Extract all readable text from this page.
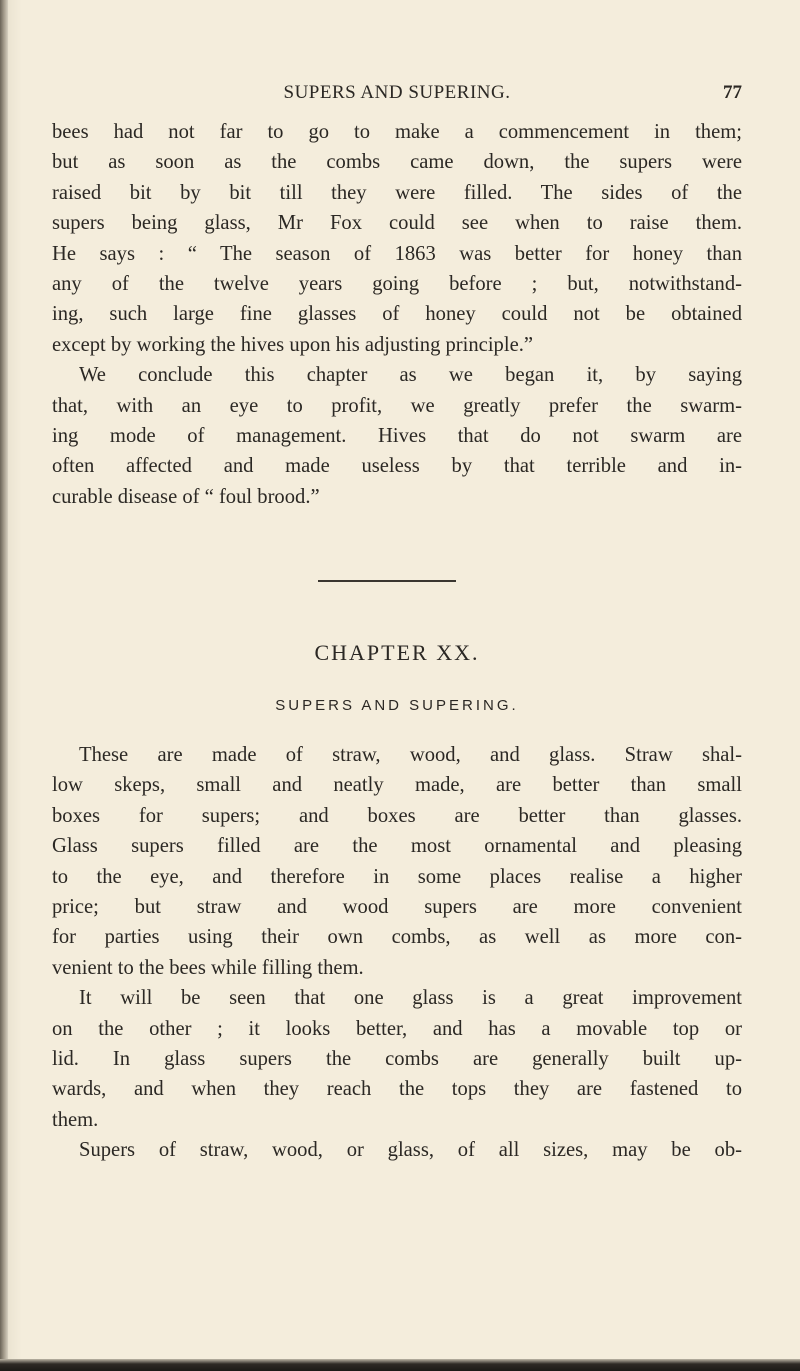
SUPERS AND SUPERING.	77

bees had not far to go to make a commencement in them;
but as soon as the combs came down, the supers were
raised bit by bit till they were filled. The sides of the
supers being glass, Mr Fox could see when to raise them.
He says : “ The season of 1863 was better for honey than
any of the twelve years going before ; but, notwithstand-
ing, such large fine glasses of honey could not be obtained
except by working the hives upon his adjusting principle.”

We conclude this chapter as we began it, by saying
that, with an eye to profit, we greatly prefer the swarm-
ing mode of management. Hives that do not swarm are
often affected and made useless by that terrible and in-
curable disease of “ foul brood.”

CHAPTER XX.
SUPERS AND SUPERING.

These are made of straw, wood, and glass. Straw shal-
low skeps, small and neatly made, are better than small
boxes for supers; and boxes are better than glasses.
Glass supers filled are the most ornamental and pleasing
to the eye, and therefore in some places realise a higher
price; but straw and wood supers are more convenient
for parties using their own combs, as well as more con-
venient to the bees while filling them.

It will be seen that one glass is a great improvement
on the other ; it looks better, and has a movable top or
lid. In glass supers the combs are generally built up-
wards, and when they reach the tops they are fastened to
them.

Supers of straw, wood, or glass, of all sizes, may be ob-
